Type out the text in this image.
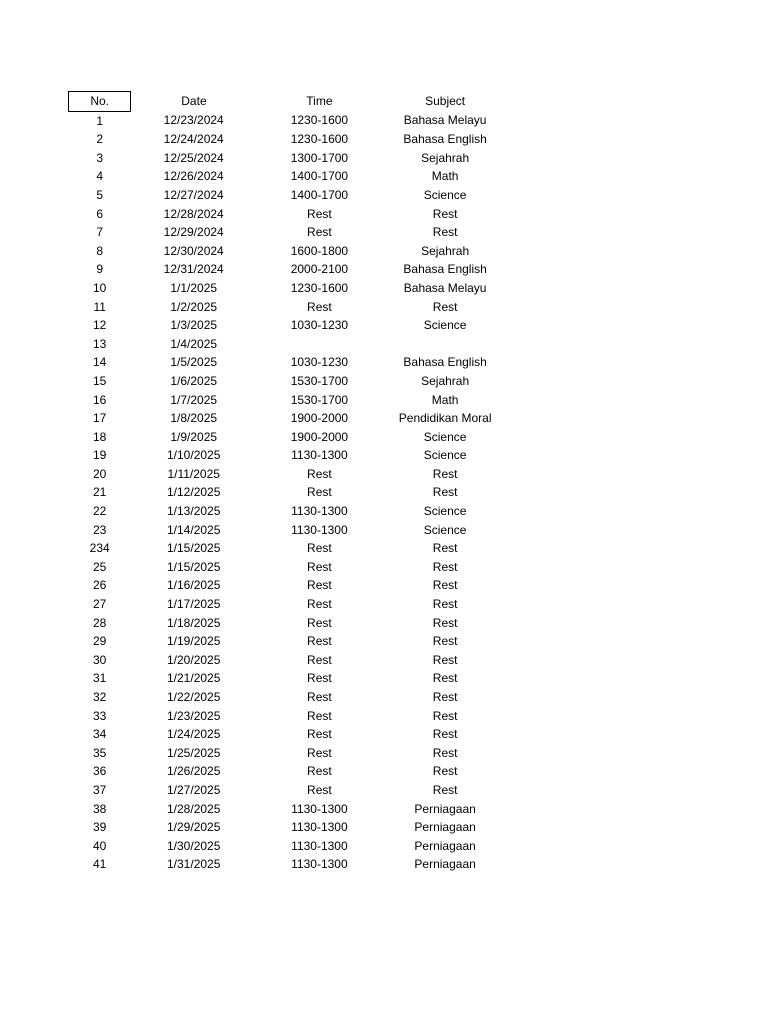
No.	Date	Time	Subject
1	12/23/2024	1230-1600	Bahasa Melayu
2	12/24/2024	1230-1600	Bahasa English
3	12/25/2024	1300-1700	Sejahrah
4	12/26/2024	1400-1700	Math
5	12/27/2024	1400-1700	Science
6	12/28/2024	Rest	Rest
7	12/29/2024	Rest	Rest
8	12/30/2024	1600-1800	Sejahrah
9	12/31/2024	2000-2100	Bahasa English
10	1/1/2025	1230-1600	Bahasa Melayu
11	1/2/2025	Rest	Rest
12	1/3/2025	1030-1230	Science
13	1/4/2025		
14	1/5/2025	1030-1230	Bahasa English
15	1/6/2025	1530-1700	Sejahrah
16	1/7/2025	1530-1700	Math
17	1/8/2025	1900-2000	Pendidikan Moral
18	1/9/2025	1900-2000	Science
19	1/10/2025	1130-1300	Science
20	1/11/2025	Rest	Rest
21	1/12/2025	Rest	Rest
22	1/13/2025	1130-1300	Science
23	1/14/2025	1130-1300	Science
234	1/15/2025	Rest	Rest
25	1/15/2025	Rest	Rest
26	1/16/2025	Rest	Rest
27	1/17/2025	Rest	Rest
28	1/18/2025	Rest	Rest
29	1/19/2025	Rest	Rest
30	1/20/2025	Rest	Rest
31	1/21/2025	Rest	Rest
32	1/22/2025	Rest	Rest
33	1/23/2025	Rest	Rest
34	1/24/2025	Rest	Rest
35	1/25/2025	Rest	Rest
36	1/26/2025	Rest	Rest
37	1/27/2025	Rest	Rest
38	1/28/2025	1130-1300	Perniagaan
39	1/29/2025	1130-1300	Perniagaan
40	1/30/2025	1130-1300	Perniagaan
41	1/31/2025	1130-1300	Perniagaan
